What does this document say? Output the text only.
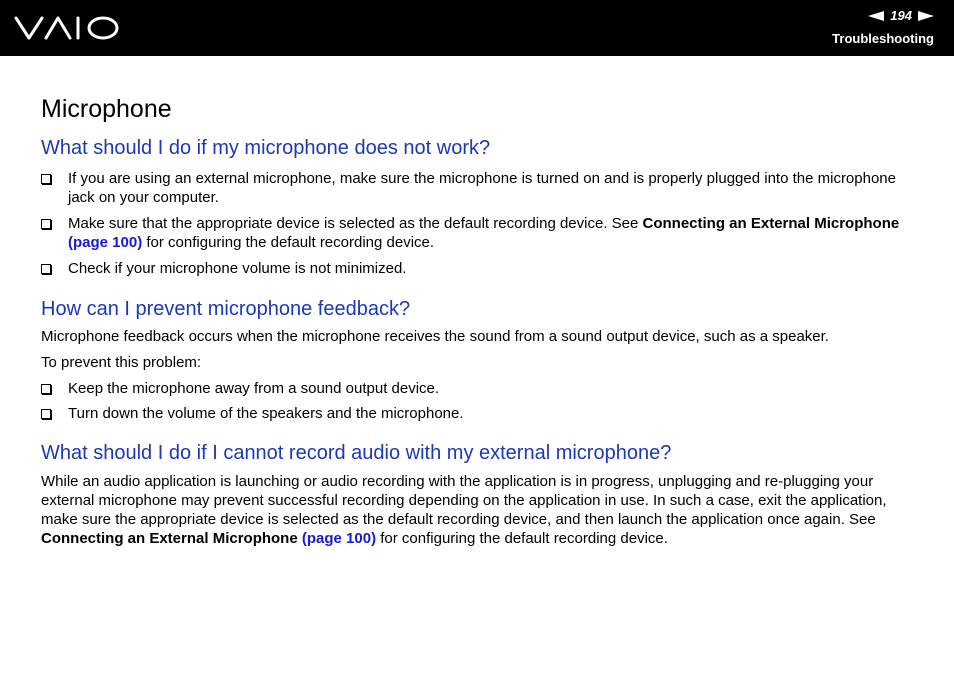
194
Troubleshooting
Microphone
What should I do if my microphone does not work?
If you are using an external microphone, make sure the microphone is turned on and is properly plugged into the microphone jack on your computer.
Make sure that the appropriate device is selected as the default recording device. See Connecting an External Microphone (page 100) for configuring the default recording device.
Check if your microphone volume is not minimized.
How can I prevent microphone feedback?

Microphone feedback occurs when the microphone receives the sound from a sound output device, such as a speaker.

To prevent this problem:

Keep the microphone away from a sound output device.
Turn down the volume of the speakers and the microphone.
What should I do if I cannot record audio with my external microphone?

While an audio application is launching or audio recording with the application is in progress, unplugging and re-plugging your external microphone may prevent successful recording depending on the application in use. In such a case, exit the application, make sure the appropriate device is selected as the default recording device, and then launch the application once again. See Connecting an External Microphone (page 100) for configuring the default recording device.
